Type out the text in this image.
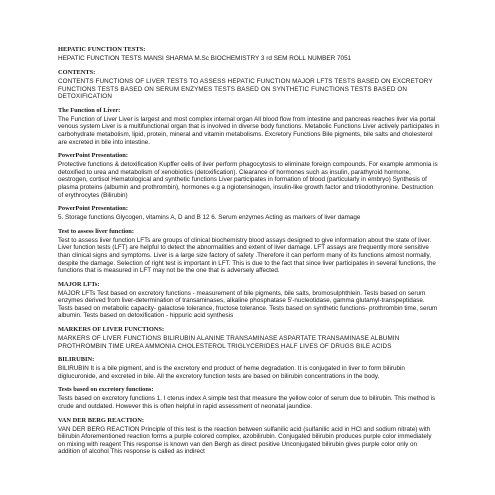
HEPATIC FUNCTION TESTS:

HEPATIC FUNCTION TESTS MANSI SHARMA M.Sc BIOCHEMISTRY 3 rd SEM ROLL NUMBER 7051

CONTENTS:

CONTENTS FUNCTIONS OF LIVER TESTS TO ASSESS HEPATIC FUNCTION MAJOR LFTS TESTS BASED ON EXCRETORY FUNCTIONS TESTS BASED ON SERUM ENZYMES TESTS BASED ON SYNTHETIC FUNCTIONS TESTS BASED ON DETOXIFICATION

The Function of Liver:

The Function of Liver Liver is largest and most complex internal organ All blood flow from intestine and pancreas reaches liver via portal venous system Liver is a multifunctional organ that is involved in diverse body functions. Metabolic Functions Liver actively participates in carbohydrate metabolism, lipid, protein, mineral and vitamin metabolisms. Excretory Functions Bile pigments, bile salts and cholesterol are excreted in bile into intestine.

PowerPoint Presentation:

Protective functions & detoxification Kupffer cells of liver perform phagocytosis to eliminate foreign compounds. For example ammonia is detoxified to urea and metabolism of xenobiotics (detoxification). Clearance of hormones such as insulin, parathyroid hormone, oestrogen, cortisol Hematological and synthetic functions Liver participates in formation of blood (particularly in embryo) Synthesis of plasma proteins (albumin and prothrombin), hormones e.g a ngiotensinogen, insulin-like growth factor and triiodothyronine. Destruction of erythrocytes (Bilirubin)

PowerPoint Presentation:

5. Storage functions Glycogen, vitamins A, D and B 12 6. Serum enzymes Acting as markers of liver damage

Test to assess liver function:

Test to assess liver function LFTs are groups of clinical biochemistry blood assays designed to give information about the state of liver. Liver function tests (LFT) are helpful to detect the abnormalities and extent of liver damage. LFT assays are frequently more sensitive than clinical signs and symptoms. Liver is a large size factory of safety .Therefore it can perform many of its functions almost normally, despite the damage. Selection of right test is important in LFT. This is due to the fact that since liver participates in several functions, the functions that is measured in LFT may not be the one that is adversely affected.

MAJOR LFTs:

MAJOR LFTs Test based on excretory functions - measurement of bile pigments, bile salts, bromosulphthlein. Tests based on serum enzymes derived from liver-determination of transaminases, alkaline phosphatase 5'-nucleotidase, gamma glutamyl-transpeptidase. Tests based on metabolic capacity- galactose tolerance, fructose tolerance. Tests based on synthetic functions- prothrombin time, serum albumin. Tests based on detoxification - hippuric acid synthesis

MARKERS OF LIVER FUNCTIONS:

MARKERS OF LIVER FUNCTIONS BILIRUBIN ALANINE TRANSAMINASE ASPARTATE TRANSAMINASE ALBUMIN PROTHROMBIN TIME UREA AMMONIA CHOLESTEROL TRIGLYCERIDES HALF LIVES OF DRUGS BILE ACIDS

BILIRUBIN:

BILIRUBIN It is a bile pigment, and is the excretory end product of heme degradation. It is conjugated in liver to form bilirubin diglucuronide, and excreted in bile. All the excretory function tests are based on bilirubin concentrations in the body.

Tests based on excretory functions:

Tests based on excretory functions 1. I cterus index A simple test that measure the yellow color of serum due to bilirubin. This method is crude and outdated. However this is often helpful in rapid assessment of neonatal jaundice.

VAN DER BERG REACTION:

VAN DER BERG REACTION Principle of this test is the reaction between sulfanilic acid (sulfanilic acid in HCl and sodium nitrate) with bilirubin Aforementioned reaction forms a purple colored complex, azobilirubin. Conjugated bilirubin produces purple color immediately on mixing with reagent This response is known van den Bergh as direct positive Unconjugated bilirubin gives purple color only on addition of alcohol This response is called as indirect
